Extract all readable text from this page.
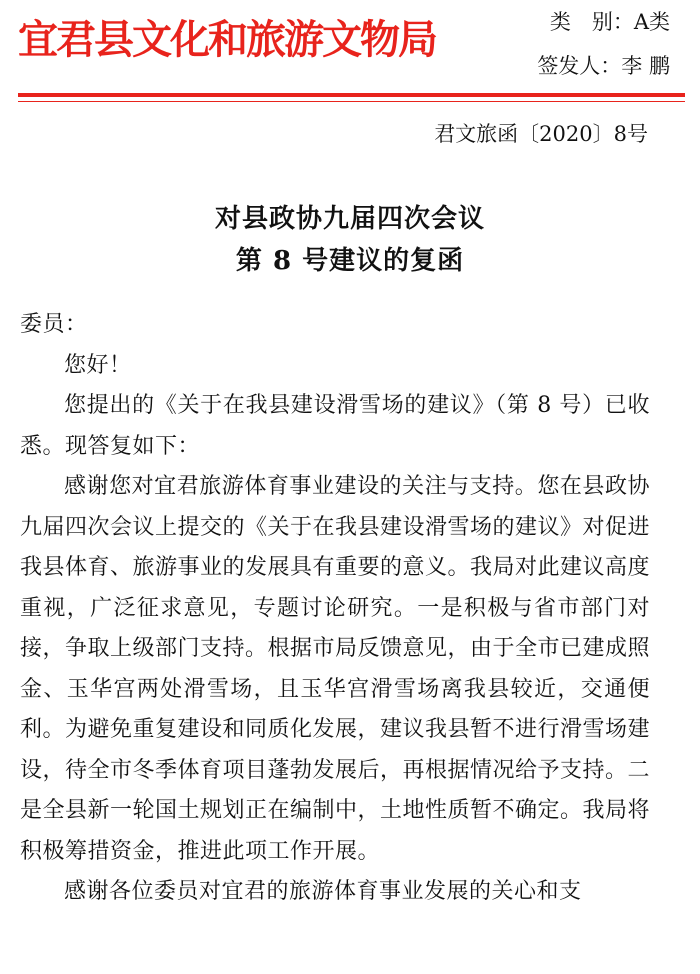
宜君县文化和旅游文物局	类　别：A类
签发人：李 鹏
君文旅函〔2020〕8号
对县政协九届四次会议
第 8 号建议的复函

委员：

您好！

您提出的《关于在我县建设滑雪场的建议》（第 8 号）已收悉。现答复如下：

感谢您对宜君旅游体育事业建设的关注与支持。您在县政协九届四次会议上提交的《关于在我县建设滑雪场的建议》对促进我县体育、旅游事业的发展具有重要的意义。我局对此建议高度重视，广泛征求意见，专题讨论研究。一是积极与省市部门对接，争取上级部门支持。根据市局反馈意见，由于全市已建成照金、玉华宫两处滑雪场，且玉华宫滑雪场离我县较近，交通便利。为避免重复建设和同质化发展，建议我县暂不进行滑雪场建设，待全市冬季体育项目蓬勃发展后，再根据情况给予支持。二是全县新一轮国土规划正在编制中，土地性质暂不确定。我局将积极筹措资金，推进此项工作开展。

感谢各位委员对宜君的旅游体育事业发展的关心和支
